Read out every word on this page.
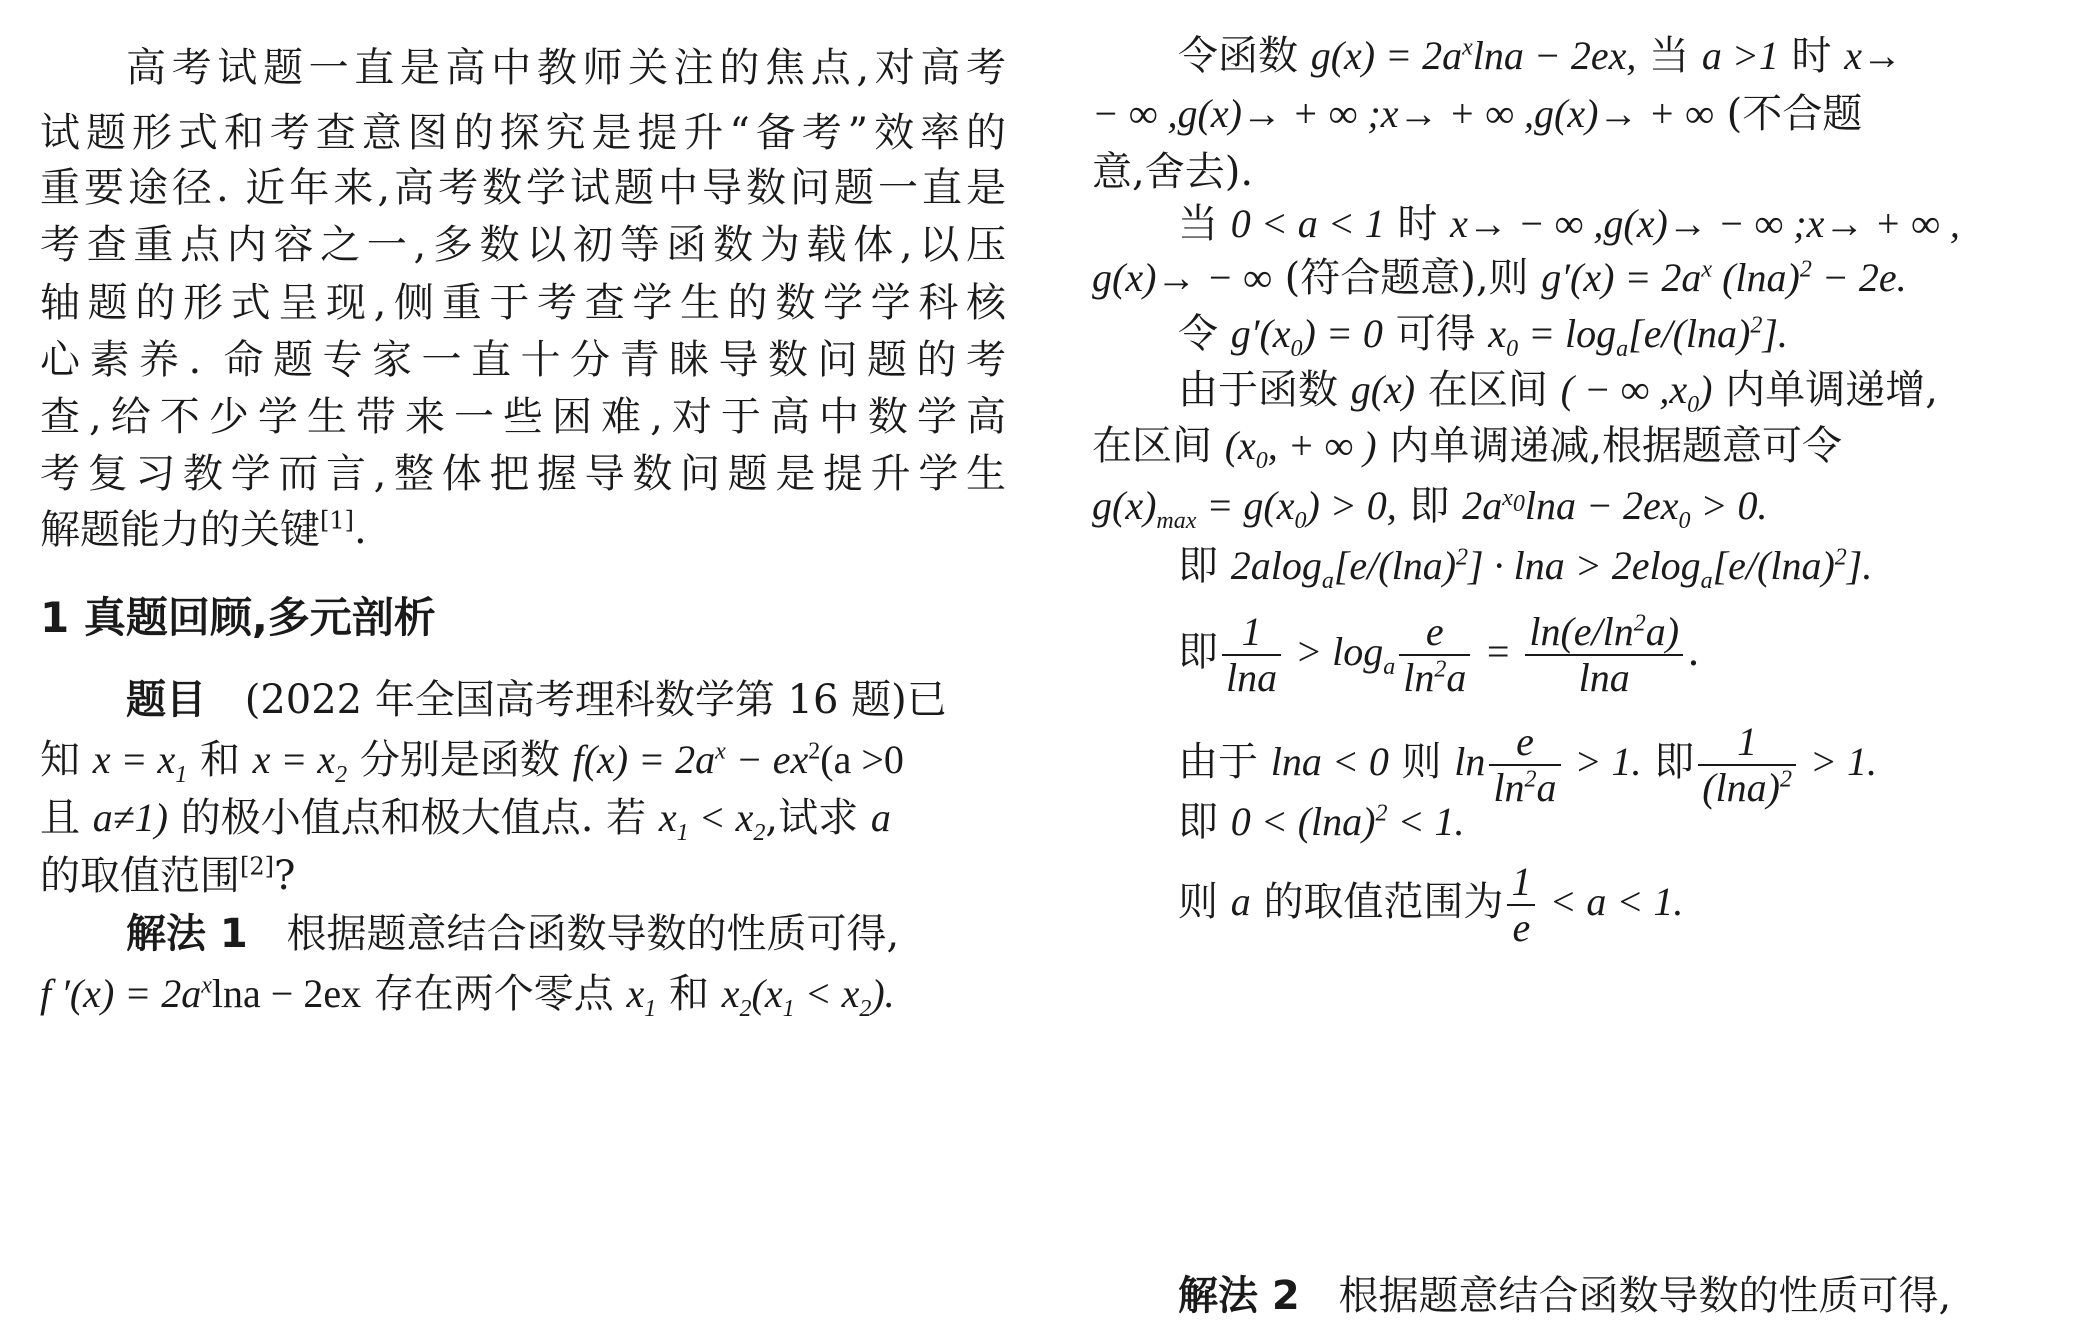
高考试题一直是高中教师关注的焦点,对高考
试题形式和考查意图的探究是提升“备考”效率的
重要途径. 近年来,高考数学试题中导数问题一直是
考查重点内容之一,多数以初等函数为载体,以压
轴题的形式呈现,侧重于考查学生的数学学科核
心素养. 命题专家一直十分青睐导数问题的考
查,给不少学生带来一些困难,对于高中数学高
考复习教学而言,整体把握导数问题是提升学生
解题能力的关键[1].
1 真题回顾,多元剖析
题目 (2022 年全国高考理科数学第 16 题)已
知 $x = x_1$ 和 $x = x_2$ 分别是函数 $f(x) = 2a^x - ex^2(a >0$
且 a≠1) 的极小值点和极大值点. 若 $x_1 < x_2$,试求 a
的取值范围[2]?
解法 1 根据题意结合函数导数的性质可得,
f $'(x) = 2a^x\ln a - 2ex$ 存在两个零点 $x_1$ 和 $x_2(x_1 < x_2)$.
令函数 $g(x) = 2a^x\ln a - 2ex$, 当 a >1 时 x→
− ∞ ,g(x)→ + ∞ ;x→ + ∞ ,g(x)→ + ∞ (不合题
意,舍去).
当 0 < a < 1 时 x→ − ∞ ,g(x)→ − ∞ ;x→ + ∞ ,
g(x)→ − ∞ (符合题意),则 $g'(x) = 2a^x$ $(\ln a)^2 - 2e$.
令 $g'(x_0) = 0$ 可得 $x_0 = \log_a[e/(\ln a)^2]$.
由于函数 g(x) 在区间 ( − ∞ $,x_0$) 内单调递增,
在区间 ($x_0$, + ∞ ) 内单调递减,根据题意可令
$g(x)_{max} = g(x_0) > 0$, 即 $2a^{x_0}\ln a - 2ex_0 > 0$.
即 $2alog_a[e/(\ln a)^2] \cdot \ln a > 2elog_a[e/(\ln a)^2]$.
即 $\frac{1}{\ln a} > \log_a \frac{e}{\ln^2a} = \frac{\ln(e/\ln^2a)}{\ln a}$ .
由于 lna < 0 则 $\ln \frac{e}{\ln^2a} > 1$. 即 $\frac{1}{(\ln a)^2} > 1$.
即 $0 < (\ln a)^2 < 1$.
则 a 的取值范围为 $\frac{1}{e} < a < 1$.
解法 2 根据题意结合函数导数的性质可得,
